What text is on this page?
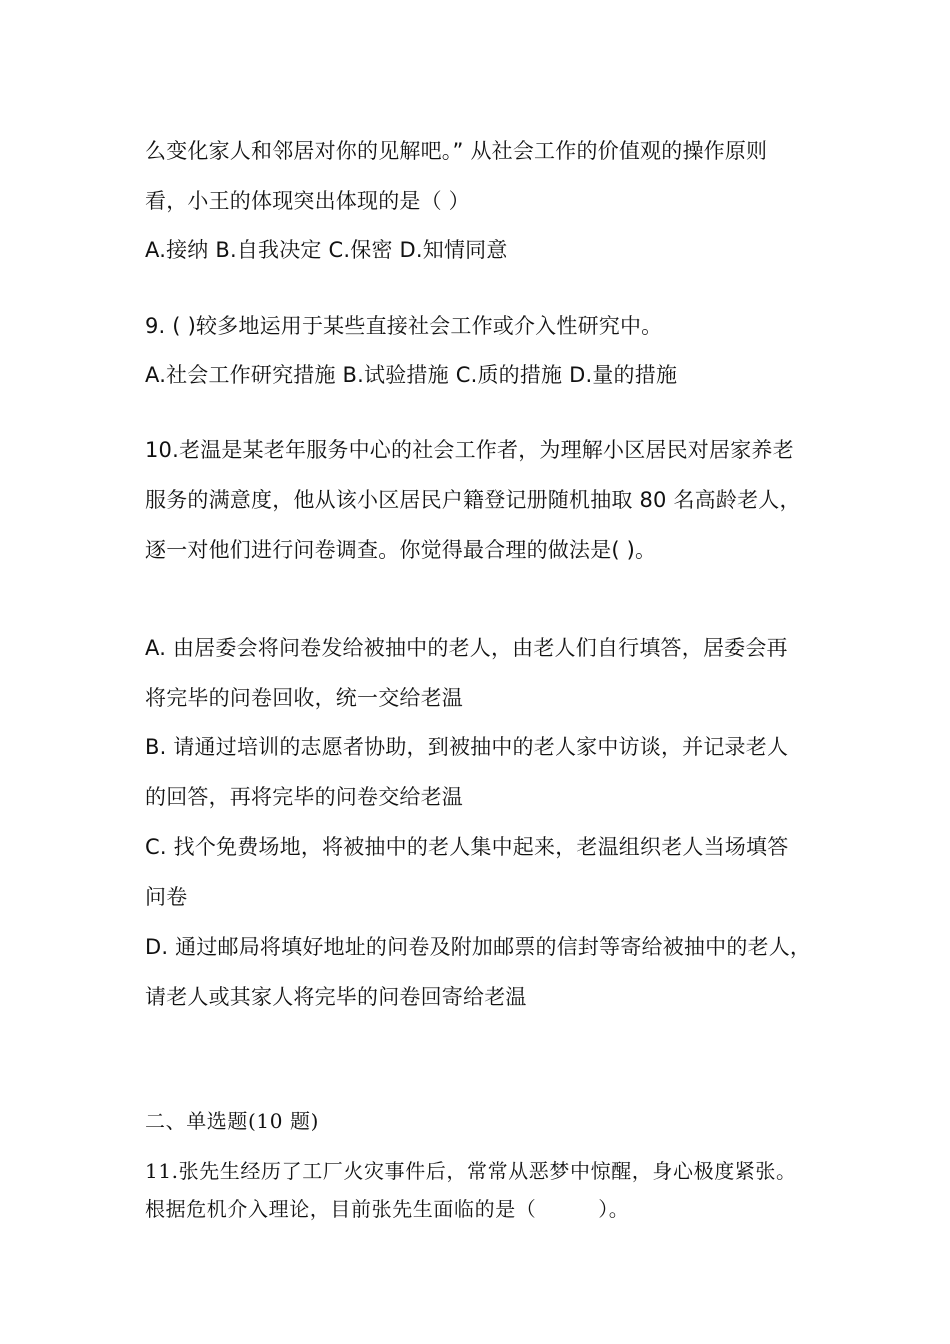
么变化家人和邻居对你的见解吧。” 从社会工作的价值观的操作原则
看，小王的体现突出体现的是（ ）
A.接纳 B.自我决定 C.保密 D.知情同意
9. ( )较多地运用于某些直接社会工作或介入性研究中。
A.社会工作研究措施 B.试验措施 C.质的措施 D.量的措施
10.老温是某老年服务中心的社会工作者，为理解小区居民对居家养老
服务的满意度，他从该小区居民户籍登记册随机抽取 80 名高龄老人，
逐一对他们进行问卷调查。你觉得最合理的做法是( )。
A. 由居委会将问卷发给被抽中的老人，由老人们自行填答，居委会再
将完毕的问卷回收，统一交给老温
B. 请通过培训的志愿者协助，到被抽中的老人家中访谈，并记录老人
的回答，再将完毕的问卷交给老温
C. 找个免费场地，将被抽中的老人集中起来，老温组织老人当场填答
问卷
D. 通过邮局将填好地址的问卷及附加邮票的信封等寄给被抽中的老人，
请老人或其家人将完毕的问卷回寄给老温
二、单选题(10 题)
11.张先生经历了工厂火灾事件后，常常从恶梦中惊醒，身心极度紧张。
根据危机介入理论，目前张先生面临的是（　　　）。
